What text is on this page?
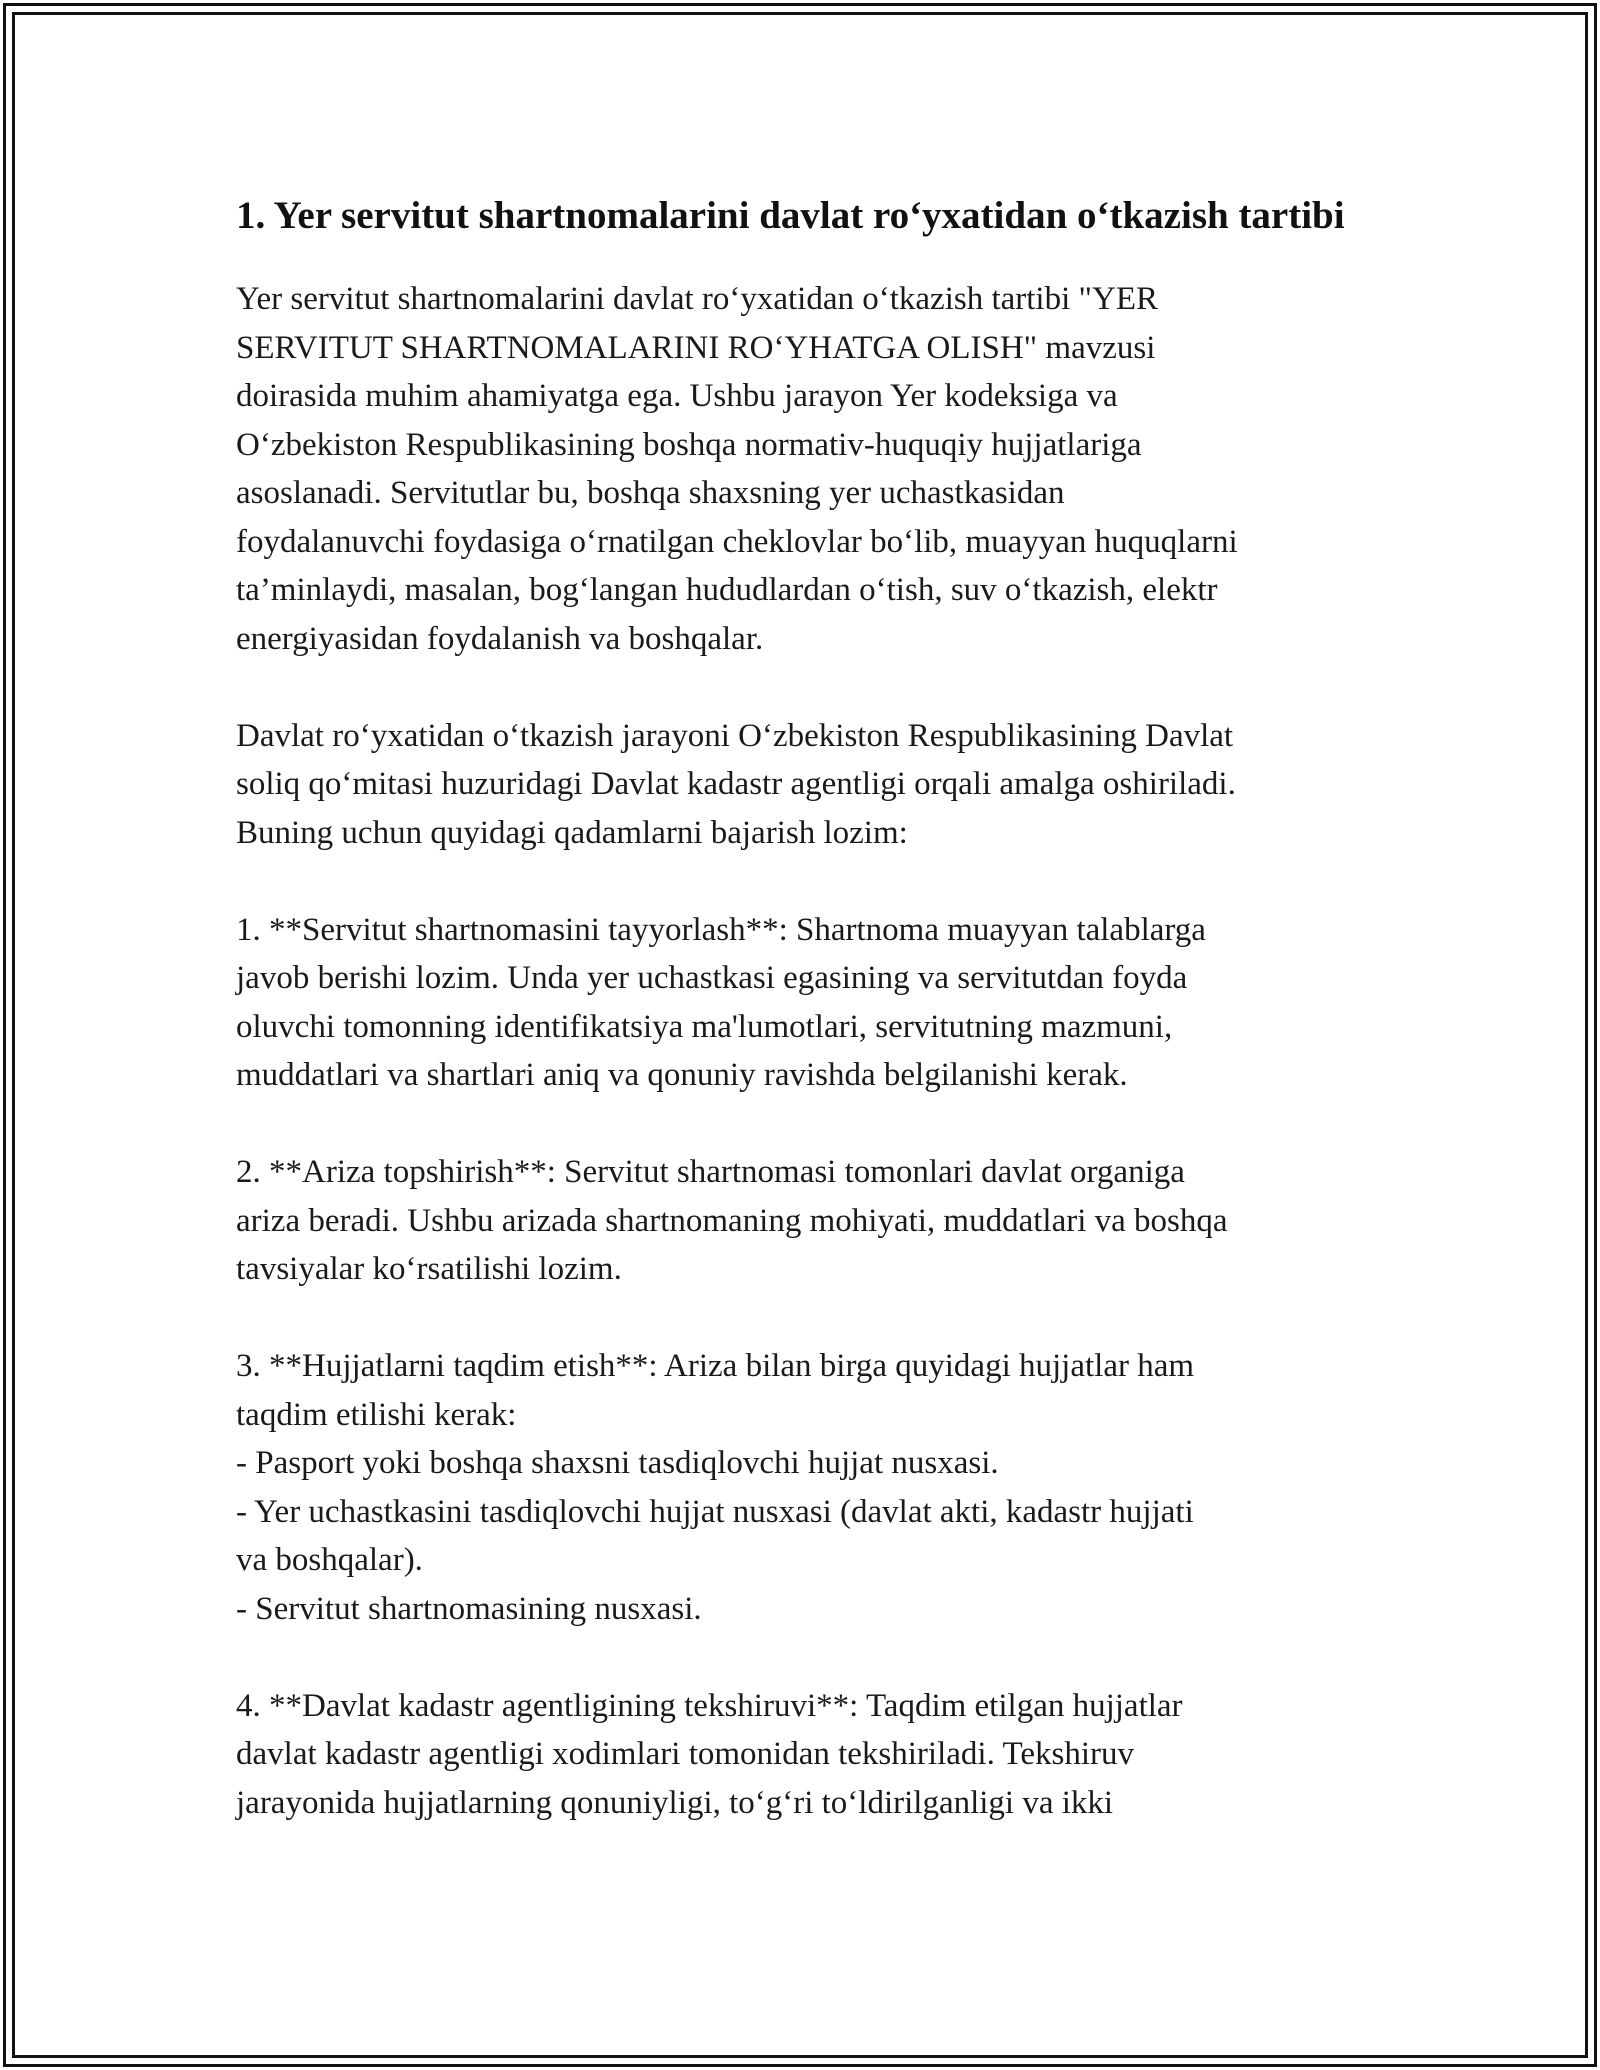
1. Yer servitut shartnomalarini davlat ro‘yxatidan o‘tkazish tartibi
Yer servitut shartnomalarini davlat ro‘yxatidan o‘tkazish tartibi "YER
SERVITUT SHARTNOMALARINI RO‘YHATGA OLISH" mavzusi
doirasida muhim ahamiyatga ega. Ushbu jarayon Yer kodeksiga va
O‘zbekiston Respublikasining boshqa normativ-huquqiy hujjatlariga
asoslanadi. Servitutlar bu, boshqa shaxsning yer uchastkasidan
foydalanuvchi foydasiga o‘rnatilgan cheklovlar bo‘lib, muayyan huquqlarni
ta’minlaydi, masalan, bog‘langan hududlardan o‘tish, suv o‘tkazish, elektr
energiyasidan foydalanish va boshqalar.

Davlat ro‘yxatidan o‘tkazish jarayoni O‘zbekiston Respublikasining Davlat
soliq qo‘mitasi huzuridagi Davlat kadastr agentligi orqali amalga oshiriladi.
Buning uchun quyidagi qadamlarni bajarish lozim:

1. **Servitut shartnomasini tayyorlash**: Shartnoma muayyan talablarga
javob berishi lozim. Unda yer uchastkasi egasining va servitutdan foyda
oluvchi tomonning identifikatsiya ma'lumotlari, servitutning mazmuni,
muddatlari va shartlari aniq va qonuniy ravishda belgilanishi kerak.

2. **Ariza topshirish**: Servitut shartnomasi tomonlari davlat organiga
ariza beradi. Ushbu arizada shartnomaning mohiyati, muddatlari va boshqa
tavsiyalar ko‘rsatilishi lozim.

3. **Hujjatlarni taqdim etish**: Ariza bilan birga quyidagi hujjatlar ham
taqdim etilishi kerak:
- Pasport yoki boshqa shaxsni tasdiqlovchi hujjat nusxasi.
- Yer uchastkasini tasdiqlovchi hujjat nusxasi (davlat akti, kadastr hujjati
va boshqalar).
- Servitut shartnomasining nusxasi.

4. **Davlat kadastr agentligining tekshiruvi**: Taqdim etilgan hujjatlar
davlat kadastr agentligi xodimlari tomonidan tekshiriladi. Tekshiruv
jarayonida hujjatlarning qonuniyligi, to‘g‘ri to‘ldirilganligi va ikki
